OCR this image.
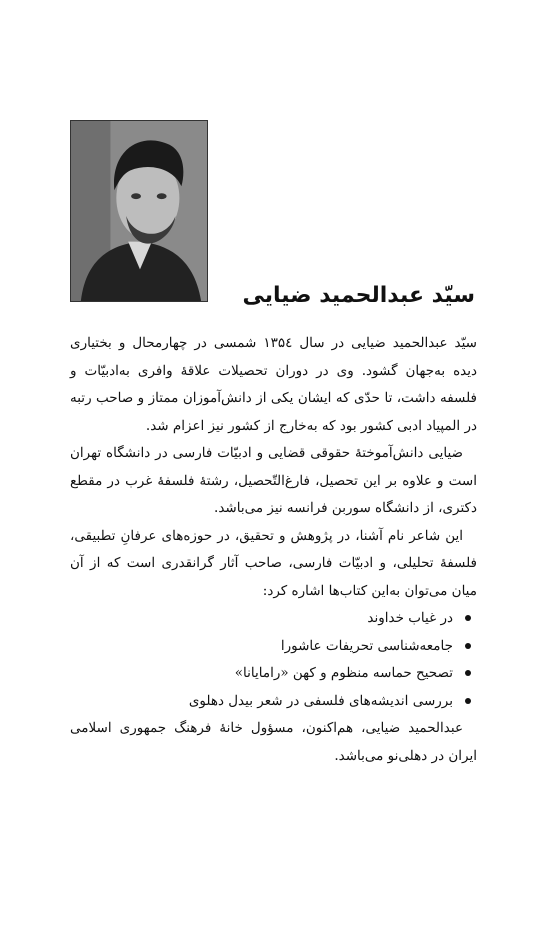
سیّد عبدالحمید ضیایی

سیّد عبدالحمید ضیایی در سال ۱۳۵٤ شمسی در چهارمحال و بختیاری دیده به‌جهان گشود. وی در دوران تحصیلات علاقهٔ وافری به‌ادبیّات و فلسفه داشت، تا حدّی که ایشان یکی از دانش‌آموزان ممتاز و صاحب رتبه در المپیاد ادبی کشور بود که به‌خارج از کشور نیز اعزام شد.

ضیایی دانش‌آموختهٔ حقوقی قضایی و ادبیّات فارسی در دانشگاه تهران است و علاوه بر این تحصیل، فارغ‌التّحصیل، رشتهٔ فلسفهٔ غرب در مقطع دکتری، از دانشگاه سوربن فرانسه نیز می‌باشد.

این شاعر نام آشنا، در پژوهش و تحقیق، در حوزه‌های عرفانِ تطبیقی، فلسفهٔ تحلیلی، و ادبیّات فارسی، صاحب آثار گرانقدری است که از آن میان می‌توان به‌این کتاب‌ها اشاره کرد:

در غیاب خداوند
جامعه‌شناسی تحریفات عاشورا
تصحیح حماسه منظوم و کهن «رامایانا»
بررسی اندیشه‌های فلسفی در شعر بیدل دهلوی

عبدالحمید ضیایی، هم‌اکنون، مسؤول خانهٔ فرهنگ جمهوری اسلامی ایران در دهلی‌نو می‌باشد.
